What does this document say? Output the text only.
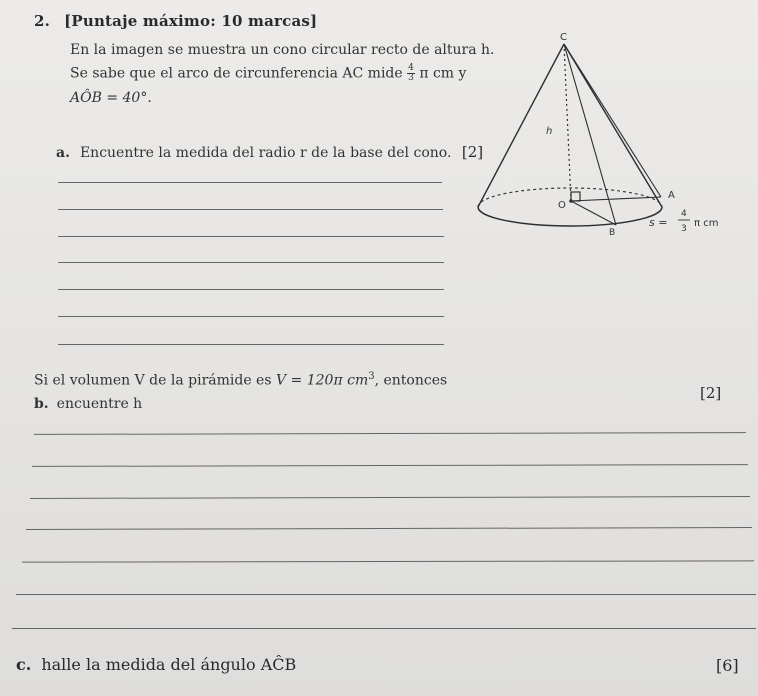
2. [Puntaje máximo: 10 marcas]
En la imagen se muestra un cono circular recto de altura h.
Se sabe que el arco de circunferencia AC mide $\frac{4}{3}$ π cm y
AÔB = 40°.
a. Encuentre la medida del radio r de la base del cono. [2]
Si el volumen V de la pirámide es V = 120π $cm^3$, entonces
b. encuentre h
[2]
c. halle la medida del ángulo AĈB	[6]
C
h
O
A
B
s =
4
3 π cm
